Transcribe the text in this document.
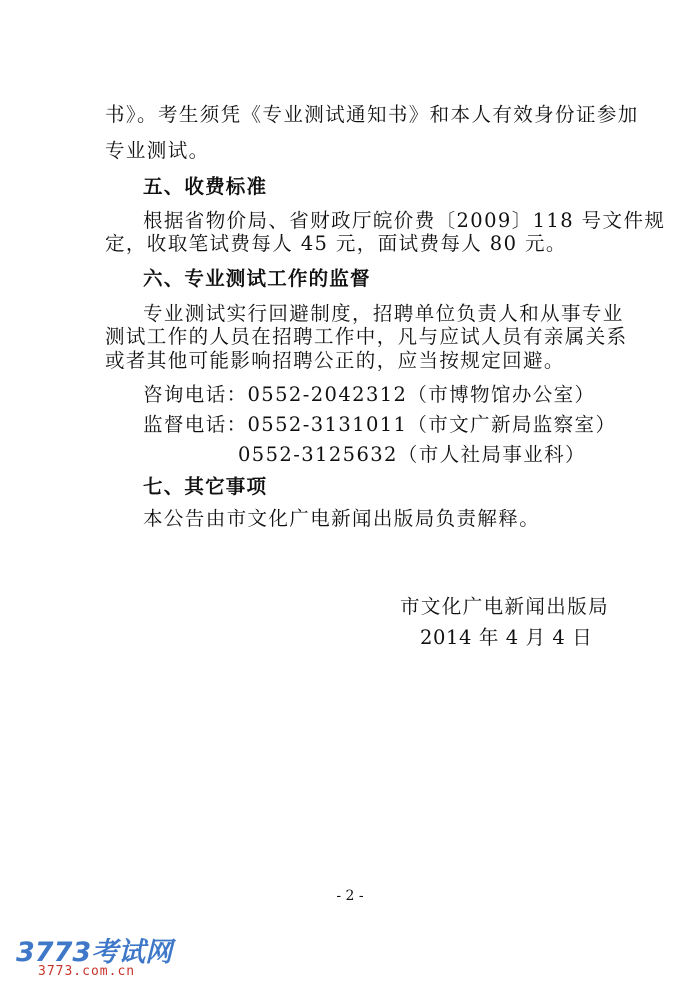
书》。考生须凭《专业测试通知书》和本人有效身份证参加
专业测试。
五、收费标准
根据省物价局、省财政厅皖价费〔2009〕118 号文件规
定，收取笔试费每人 45 元，面试费每人 80 元。
六、专业测试工作的监督
专业测试实行回避制度，招聘单位负责人和从事专业
测试工作的人员在招聘工作中，凡与应试人员有亲属关系
或者其他可能影响招聘公正的，应当按规定回避。
咨询电话：0552-2042312（市博物馆办公室）
监督电话：0552-3131011（市文广新局监察室）
0552-3125632（市人社局事业科）
七、其它事项
本公告由市文化广电新闻出版局负责解释。
市文化广电新闻出版局
2014 年 4 月 4 日
- 2 -
3773考试网
3773.com.cn
